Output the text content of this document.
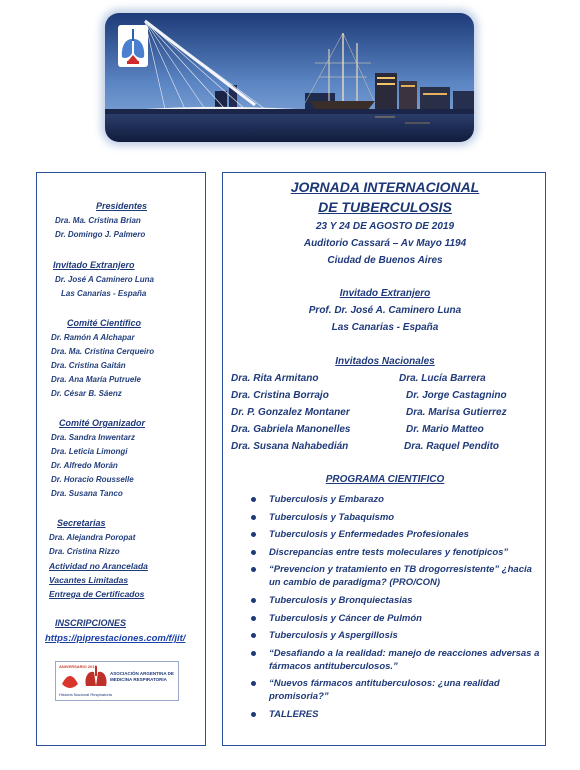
Presidentes
Dra. Ma. Cristina Brian
Dr. Domingo J. Palmero
Invitado Extranjero
Dr. José A Caminero Luna
Las Canarias - España
Comité Científico
Dr. Ramón A Alchapar
Dra. Ma. Cristina Cerqueiro
Dra. Cristina Gaitán
Dra. Ana María Putruele
Dr. César B. Sáenz
Comité Organizador
Dra. Sandra Inwentarz
Dra. Leticia Limongi
Dr. Alfredo Morán
Dr. Horacio Rousselle
Dra. Susana Tanco
Secretarias
Dra. Alejandra Poropat
Dra. Cristina Rizzo
Actividad no Arancelada
Vacantes Limitadas
Entrega de Certificados
INSCRIPCIONES
https://piprestaciones.com/f/jit/
ANIVERSARIO 2019
ASOCIACIÓN ARGENTINA DE MEDICINA RESPIRATORIA
Historia Nacional Respiratoria
JORNADA INTERNACIONAL
DE TUBERCULOSIS
23 Y 24 DE AGOSTO DE 2019
Auditorio Cassará – Av Mayo 1194
Ciudad de Buenos Aires
Invitado Extranjero
Prof. Dr. José A. Caminero Luna
Las Canarias - España
Invitados Nacionales
Dra. Rita Armitano
Dra. Cristina Borrajo
Dr. P. Gonzalez Montaner
Dra. Gabriela Manonelles
Dra. Susana Nahabedián
Dra. Lucía Barrera
Dr. Jorge Castagnino
Dra. Marisa Gutierrez
Dr. Mario Matteo
Dra. Raquel Pendito
PROGRAMA CIENTIFICO
Tuberculosis y Embarazo
Tuberculosis y Tabaquismo
Tuberculosis y Enfermedades Profesionales
Discrepancias entre tests moleculares y fenotípicos”
“Prevencion y tratamiento en TB drogorresistente” ¿hacia un cambio de paradigma? (PRO/CON)
Tuberculosis y Bronquiectasias
Tuberculosis y Cáncer de Pulmón
Tuberculosis y Aspergillosis
“Desafiando a la realidad: manejo de reacciones adversas a fármacos antituberculosos.”
“Nuevos fármacos antituberculosos: ¿una realidad promisoria?”
TALLERES
